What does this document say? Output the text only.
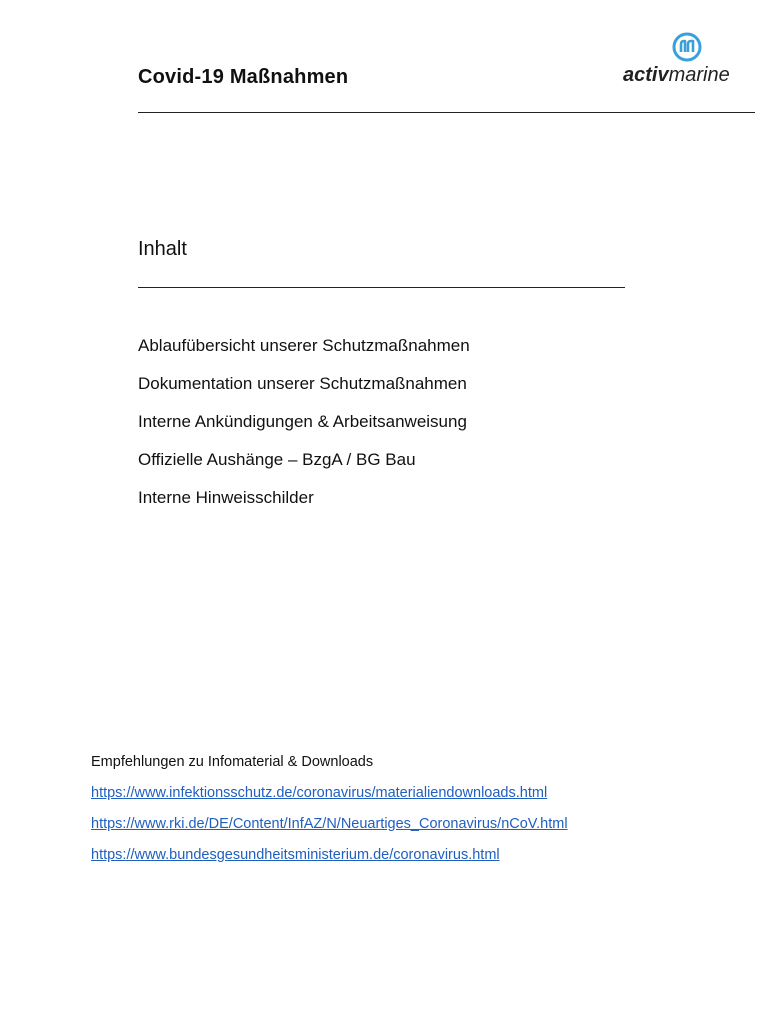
Covid-19 Maßnahmen	activmarine
Inhalt
Ablaufübersicht unserer Schutzmaßnahmen
Dokumentation unserer Schutzmaßnahmen
Interne Ankündigungen & Arbeitsanweisung
Offizielle Aushänge – BzgA / BG Bau
Interne Hinweisschilder
Empfehlungen zu Infomaterial & Downloads
https://www.infektionsschutz.de/coronavirus/materialiendownloads.html
https://www.rki.de/DE/Content/InfAZ/N/Neuartiges_Coronavirus/nCoV.html
https://www.bundesgesundheitsministerium.de/coronavirus.html
